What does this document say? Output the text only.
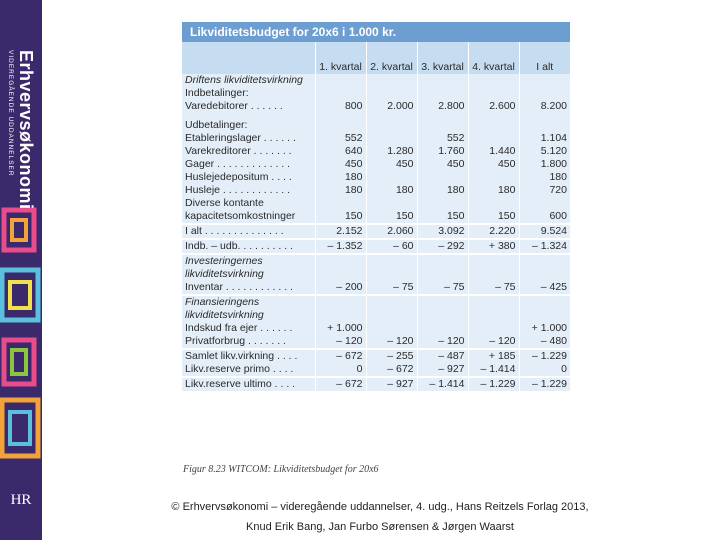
Erhvervsøkonomi
VIDEREGÅENDE UDDANNELSER
HR
Likviditetsbudget for 20x6 i 1.000 kr.
	1. kvartal	2. kvartal	3. kvartal	4. kvartal	I alt
Driftens likviditetsvirkning					
Indbetalinger:					
Varedebitorer . . . . . .	800	2.000	2.800	2.600	8.200
Udbetalinger:					
Etableringslager . . . . . .	552		552		1.104
Varekreditorer . . . . . . .	640	1.280	1.760	1.440	5.120
Gager . . . . . . . . . . . . .	450	450	450	450	1.800
Huslejedepositum . . . .	180				180
Husleje . . . . . . . . . . . .	180	180	180	180	720
Diverse kontante					
kapacitetsomkostninger	150	150	150	150	600
I alt . . . . . . . . . . . . . .	2.152	2.060	3.092	2.220	9.524
Indb. – udb. . . . . . . . . .	– 1.352	– 60	– 292	+ 380	– 1.324
Investeringernes likviditetsvirkning					
Inventar . . . . . . . . . . . .	– 200	– 75	– 75	– 75	– 425
Finansieringens likviditetsvirkning					
Indskud fra ejer . . . . . .	+ 1.000				+ 1.000
Privatforbrug . . . . . . .	– 120	– 120	– 120	– 120	– 480
Samlet likv.virkning . . . .	– 672	– 255	– 487	+ 185	– 1.229
Likv.reserve primo . . . .	0	– 672	– 927	– 1.414	0
Likv.reserve ultimo . . . .	– 672	– 927	– 1.414	– 1.229	– 1.229
Figur 8.23 WITCOM: Likviditetsbudget for 20x6
© Erhvervsøkonomi – videregående uddannelser, 4. udg., Hans Reitzels Forlag 2013,
Knud Erik Bang, Jan Furbo Sørensen & Jørgen Waarst
